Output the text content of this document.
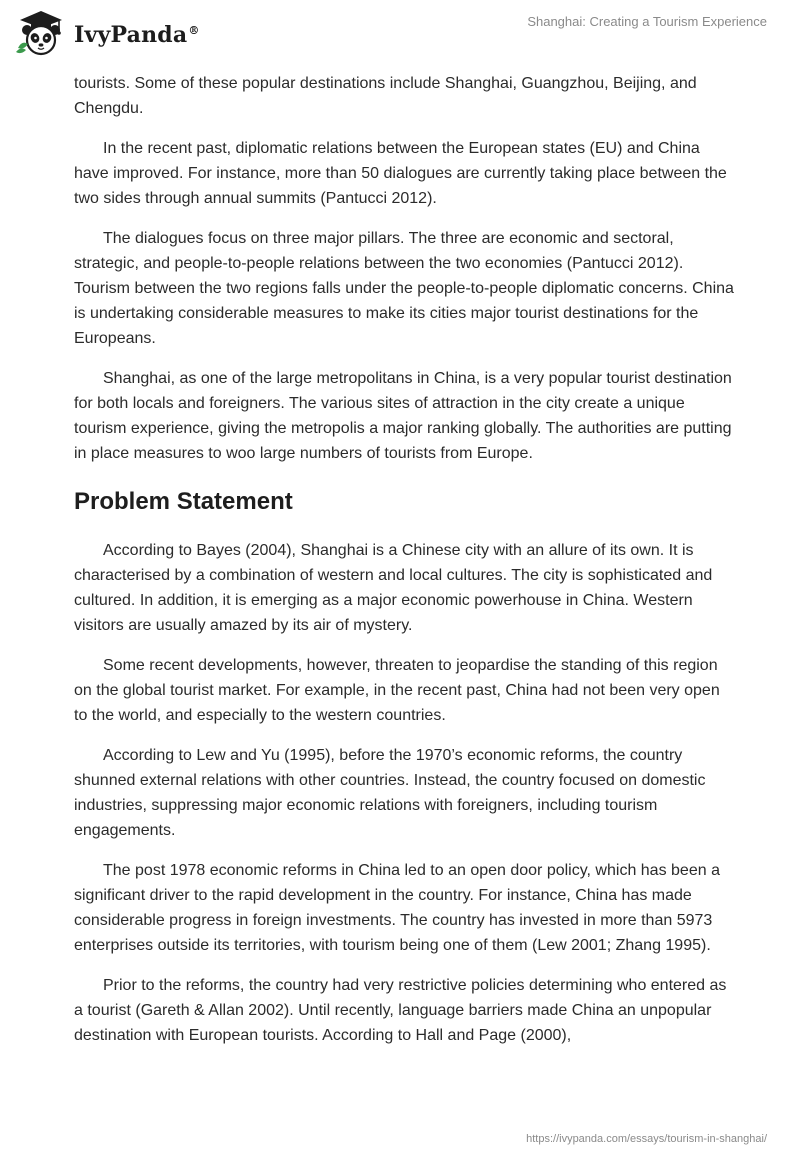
IvyPanda®
Shanghai: Creating a Tourism Experience

tourists. Some of these popular destinations include Shanghai, Guangzhou, Beijing, and Chengdu.

In the recent past, diplomatic relations between the European states (EU) and China have improved. For instance, more than 50 dialogues are currently taking place between the two sides through annual summits (Pantucci 2012).

The dialogues focus on three major pillars. The three are economic and sectoral, strategic, and people-to-people relations between the two economies (Pantucci 2012). Tourism between the two regions falls under the people-to-people diplomatic concerns. China is undertaking considerable measures to make its cities major tourist destinations for the Europeans.

Shanghai, as one of the large metropolitans in China, is a very popular tourist destination for both locals and foreigners. The various sites of attraction in the city create a unique tourism experience, giving the metropolis a major ranking globally. The authorities are putting in place measures to woo large numbers of tourists from Europe.

Problem Statement

According to Bayes (2004), Shanghai is a Chinese city with an allure of its own. It is characterised by a combination of western and local cultures. The city is sophisticated and cultured. In addition, it is emerging as a major economic powerhouse in China. Western visitors are usually amazed by its air of mystery.

Some recent developments, however, threaten to jeopardise the standing of this region on the global tourist market. For example, in the recent past, China had not been very open to the world, and especially to the western countries.

According to Lew and Yu (1995), before the 1970’s economic reforms, the country shunned external relations with other countries. Instead, the country focused on domestic industries, suppressing major economic relations with foreigners, including tourism engagements.

The post 1978 economic reforms in China led to an open door policy, which has been a significant driver to the rapid development in the country. For instance, China has made considerable progress in foreign investments. The country has invested in more than 5973 enterprises outside its territories, with tourism being one of them (Lew 2001; Zhang 1995).

Prior to the reforms, the country had very restrictive policies determining who entered as a tourist (Gareth & Allan 2002). Until recently, language barriers made China an unpopular destination with European tourists. According to Hall and Page (2000),

https://ivypanda.com/essays/tourism-in-shanghai/
